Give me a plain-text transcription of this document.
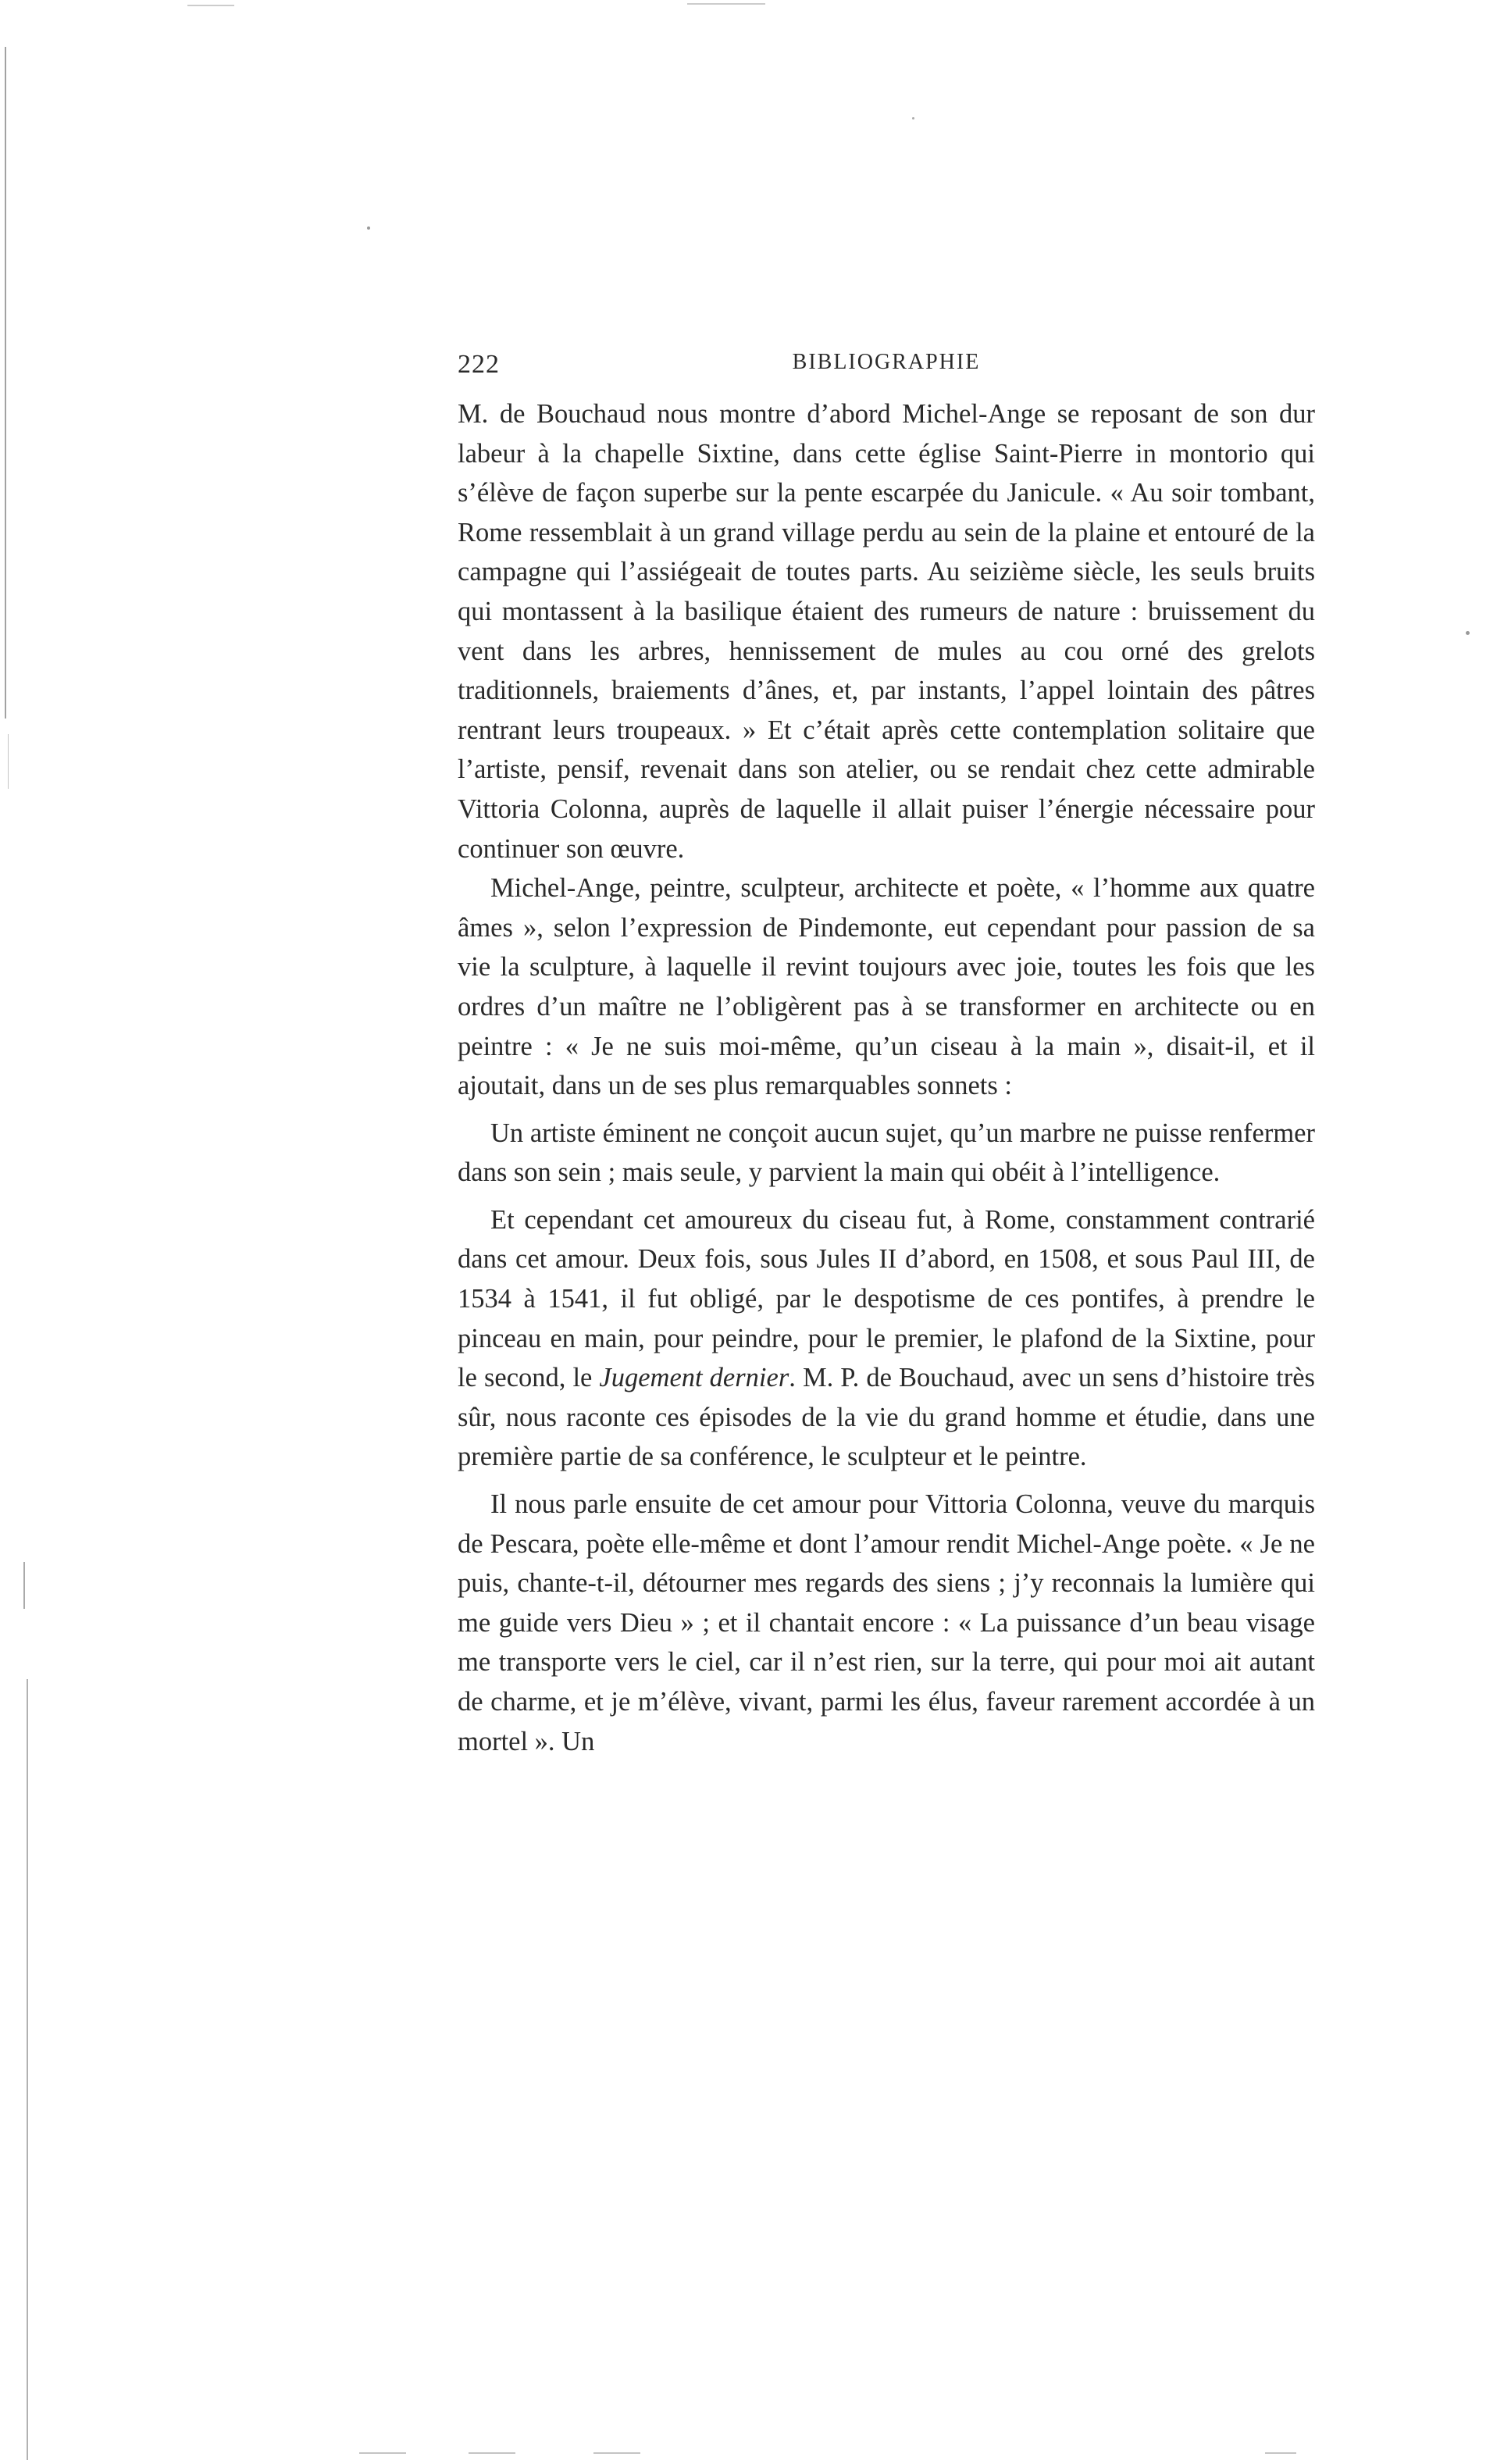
222	BIBLIOGRAPHIE

M. de Bouchaud nous montre d’abord Michel-Ange se reposant de son dur labeur à la chapelle Sixtine, dans cette église Saint-Pierre in montorio qui s’élève de façon superbe sur la pente escarpée du Janicule. « Au soir tombant, Rome ressemblait à un grand village perdu au sein de la plaine et entouré de la campagne qui l’assiégeait de toutes parts. Au seizième siècle, les seuls bruits qui montassent à la basilique étaient des rumeurs de nature : bruissement du vent dans les arbres, hennissement de mules au cou orné des grelots traditionnels, braiements d’ânes, et, par instants, l’appel lointain des pâtres rentrant leurs troupeaux. » Et c’était après cette contemplation solitaire que l’artiste, pensif, revenait dans son atelier, ou se rendait chez cette admirable Vittoria Colonna, auprès de laquelle il allait puiser l’énergie nécessaire pour continuer son œuvre.

Michel-Ange, peintre, sculpteur, architecte et poète, « l’homme aux quatre âmes », selon l’expression de Pindemonte, eut cependant pour passion de sa vie la sculpture, à laquelle il revint toujours avec joie, toutes les fois que les ordres d’un maître ne l’obligèrent pas à se transformer en architecte ou en peintre : « Je ne suis moi-même, qu’un ciseau à la main », disait-il, et il ajoutait, dans un de ses plus remarquables sonnets :

Un artiste éminent ne conçoit aucun sujet, qu’un marbre ne puisse renfermer dans son sein ; mais seule, y parvient la main qui obéit à l’intelligence.

Et cependant cet amoureux du ciseau fut, à Rome, constamment contrarié dans cet amour. Deux fois, sous Jules II d’abord, en 1508, et sous Paul III, de 1534 à 1541, il fut obligé, par le despotisme de ces pontifes, à prendre le pinceau en main, pour peindre, pour le premier, le plafond de la Sixtine, pour le second, le Jugement dernier. M. P. de Bouchaud, avec un sens d’histoire très sûr, nous raconte ces épisodes de la vie du grand homme et étudie, dans une première partie de sa conférence, le sculpteur et le peintre.

Il nous parle ensuite de cet amour pour Vittoria Colonna, veuve du marquis de Pescara, poète elle-même et dont l’amour rendit Michel-Ange poète. « Je ne puis, chante-t-il, détourner mes regards des siens ; j’y reconnais la lumière qui me guide vers Dieu » ; et il chantait encore : « La puissance d’un beau visage me transporte vers le ciel, car il n’est rien, sur la terre, qui pour moi ait autant de charme, et je m’élève, vivant, parmi les élus, faveur rarement accordée à un mortel ». Un
